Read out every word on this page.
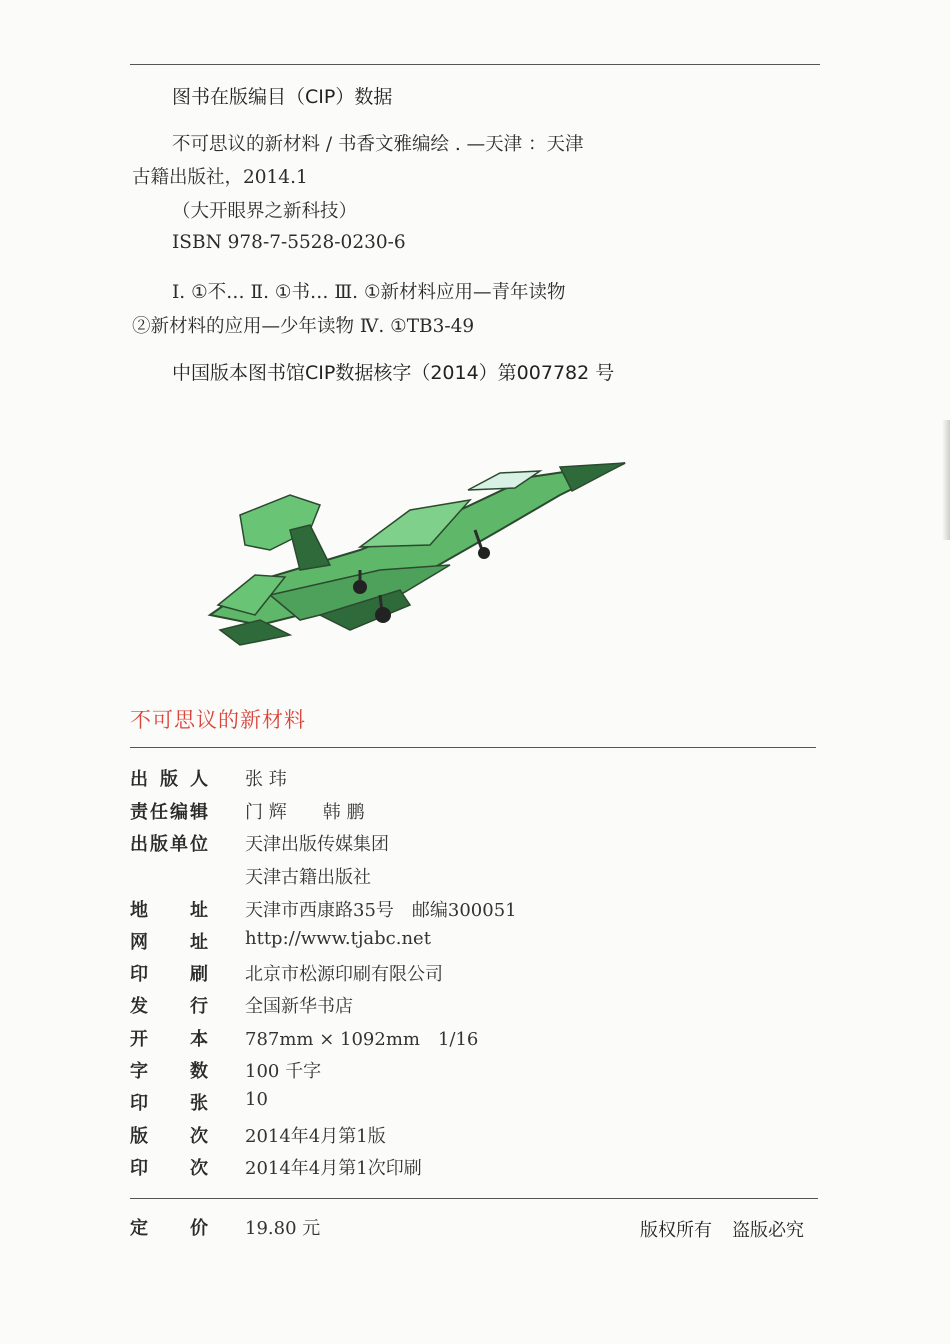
图书在版编目（CIP）数据
不可思议的新材料 / 书香文雅编绘 . —天津 ：天津
古籍出版社，2014.1
（大开眼界之新科技）
ISBN 978-7-5528-0230-6
Ⅰ. ①不… Ⅱ. ①书… Ⅲ. ①新材料应用—青年读物
②新材料的应用—少年读物 Ⅳ. ①TB3-49
中国版本图书馆CIP数据核字（2014）第007782 号
不可思议的新材料
出版人 张 玮
责任编辑 门 辉　　韩 鹏
出版单位 天津出版传媒集团
天津古籍出版社
地址 天津市西康路35号　邮编300051
网址 http://www.tjabc.net
印刷 北京市松源印刷有限公司
发行 全国新华书店
开本 787mm × 1092mm　1/16
字数 100 千字
印张 10
版次 2014年4月第1版
印次 2014年4月第1次印刷
定价 19.80 元	版权所有 盗版必究
